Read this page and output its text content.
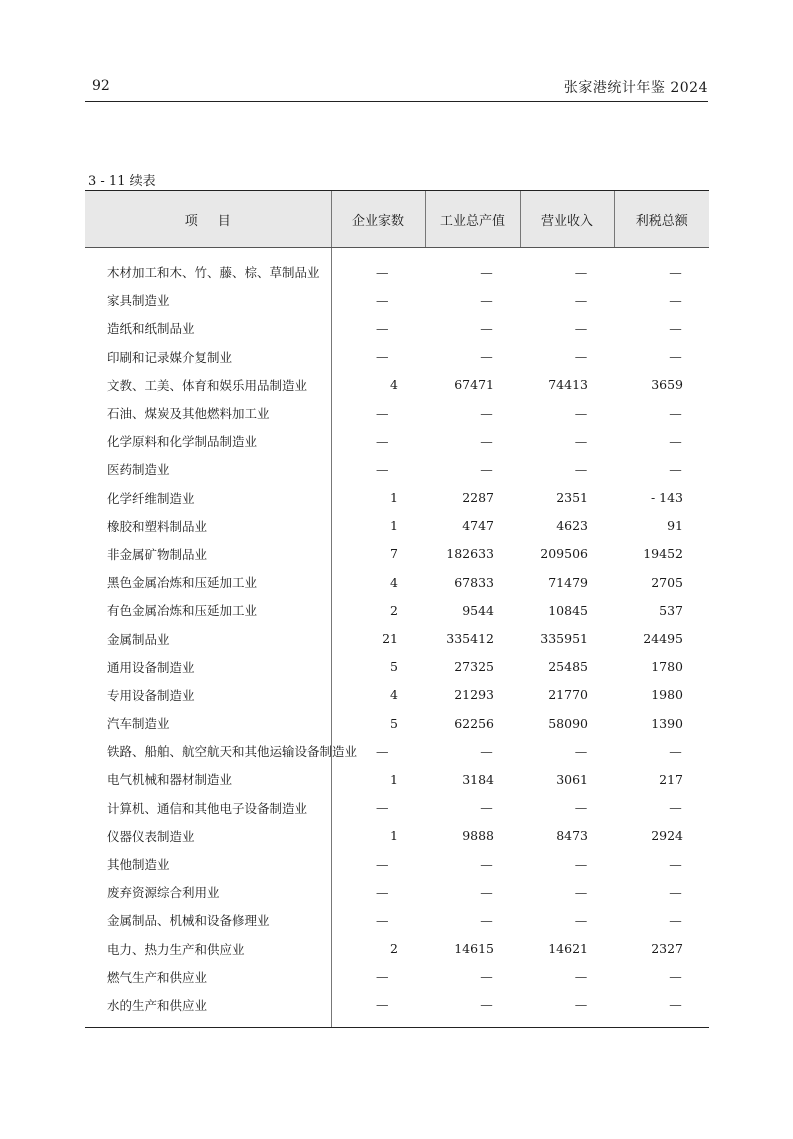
92	张家港统计年鉴 2024
3 - 11 续表
项目	企业家数	工业总产值	营业收入	利税总额
木材加工和木、竹、藤、棕、草制品业	—	—	—	—
家具制造业	—	—	—	—
造纸和纸制品业	—	—	—	—
印刷和记录媒介复制业	—	—	—	—
文教、工美、体育和娱乐用品制造业	4	67471	74413	3659
石油、煤炭及其他燃料加工业	—	—	—	—
化学原料和化学制品制造业	—	—	—	—
医药制造业	—	—	—	—
化学纤维制造业	1	2287	2351	- 143
橡胶和塑料制品业	1	4747	4623	91
非金属矿物制品业	7	182633	209506	19452
黑色金属冶炼和压延加工业	4	67833	71479	2705
有色金属冶炼和压延加工业	2	9544	10845	537
金属制品业	21	335412	335951	24495
通用设备制造业	5	27325	25485	1780
专用设备制造业	4	21293	21770	1980
汽车制造业	5	62256	58090	1390
铁路、船舶、航空航天和其他运输设备制造业	—	—	—	—
电气机械和器材制造业	1	3184	3061	217
计算机、通信和其他电子设备制造业	—	—	—	—
仪器仪表制造业	1	9888	8473	2924
其他制造业	—	—	—	—
废弃资源综合利用业	—	—	—	—
金属制品、机械和设备修理业	—	—	—	—
电力、热力生产和供应业	2	14615	14621	2327
燃气生产和供应业	—	—	—	—
水的生产和供应业	—	—	—	—
